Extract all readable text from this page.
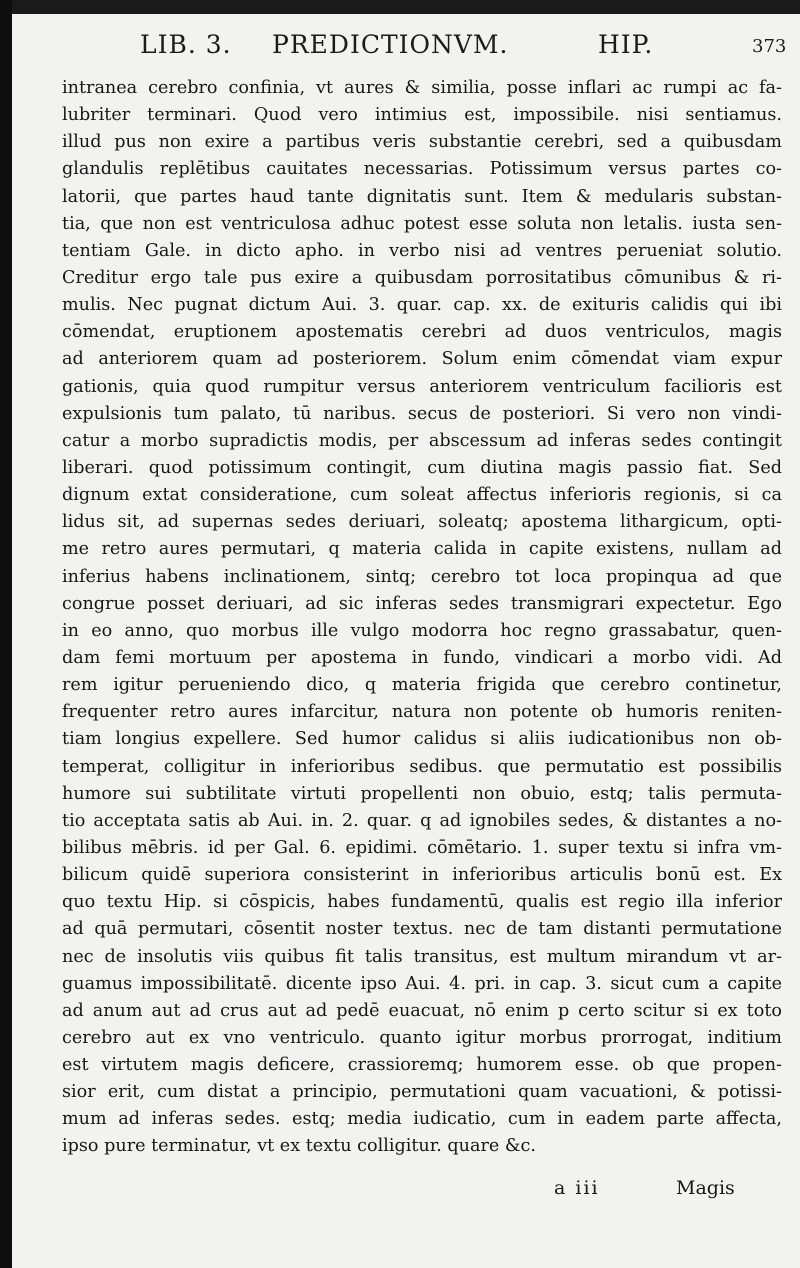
LIB. 3. PREDICTIONVM.	HIP.	373
intranea cerebro confinia, vt aures & similia, posse inflari ac rumpi ac fa-
lubriter terminari. Quod vero intimius est, impossibile. nisi sentiamus.
illud pus non exire a partibus veris substantie cerebri, sed a quibusdam
glandulis replētibus cauitates necessarias. Potissimum versus partes co-
latorii, que partes haud tante dignitatis sunt. Item & medularis substan-
tia, que non est ventriculosa adhuc potest esse soluta non letalis. iusta sen-
tentiam Gale. in dicto apho. in verbo nisi ad ventres perueniat solutio.
Creditur ergo tale pus exire a quibusdam porrositatibus cōmunibus & ri-
mulis. Nec pugnat dictum Aui. 3. quar. cap. xx. de exituris calidis qui ibi
cōmendat, eruptionem apostematis cerebri ad duos ventriculos, magis
ad anteriorem quam ad posteriorem. Solum enim cōmendat viam expur
gationis, quia quod rumpitur versus anteriorem ventriculum facilioris est
expulsionis tum palato, tū naribus. secus de posteriori. Si vero non vindi-
catur a morbo supradictis modis, per abscessum ad inferas sedes contingit
liberari. quod potissimum contingit, cum diutina magis passio fiat. Sed
dignum extat consideratione, cum soleat affectus inferioris regionis, si ca
lidus sit, ad supernas sedes deriuari, soleatq; apostema lithargicum, opti-
me retro aures permutari, q materia calida in capite existens, nullam ad
inferius habens inclinationem, sintq; cerebro tot loca propinqua ad que
congrue posset deriuari, ad sic inferas sedes transmigrari expectetur. Ego
in eo anno, quo morbus ille vulgo modorra hoc regno grassabatur, quen-
dam femi mortuum per apostema in fundo, vindicari a morbo vidi. Ad
rem igitur perueniendo dico, q materia frigida que cerebro continetur,
frequenter retro aures infarcitur, natura non potente ob humoris reniten-
tiam longius expellere. Sed humor calidus si aliis iudicationibus non ob-
temperat, colligitur in inferioribus sedibus. que permutatio est possibilis
humore sui subtilitate virtuti propellenti non obuio, estq; talis permuta-
tio acceptata satis ab Aui. in. 2. quar. q ad ignobiles sedes, & distantes a no-
bilibus mēbris. id per Gal. 6. epidimi. cōmētario. 1. super textu si infra vm-
bilicum quidē superiora consisterint in inferioribus articulis bonū est. Ex
quo textu Hip. si cōspicis, habes fundamentū, qualis est regio illa inferior
ad quā permutari, cōsentit noster textus. nec de tam distanti permutatione
nec de insolutis viis quibus fit talis transitus, est multum mirandum vt ar-
guamus impossibilitatē. dicente ipso Aui. 4. pri. in cap. 3. sicut cum a capite
ad anum aut ad crus aut ad pedē euacuat, nō enim p certo scitur si ex toto
cerebro aut ex vno ventriculo. quanto igitur morbus prorrogat, inditium
est virtutem magis deficere, crassioremq; humorem esse. ob que propen-
sior erit, cum distat a principio, permutationi quam vacuationi, & potissi-
mum ad inferas sedes. estq; media iudicatio, cum in eadem parte affecta,
ipso pure terminatur, vt ex textu colligitur. quare &c.
a iii	Magis
